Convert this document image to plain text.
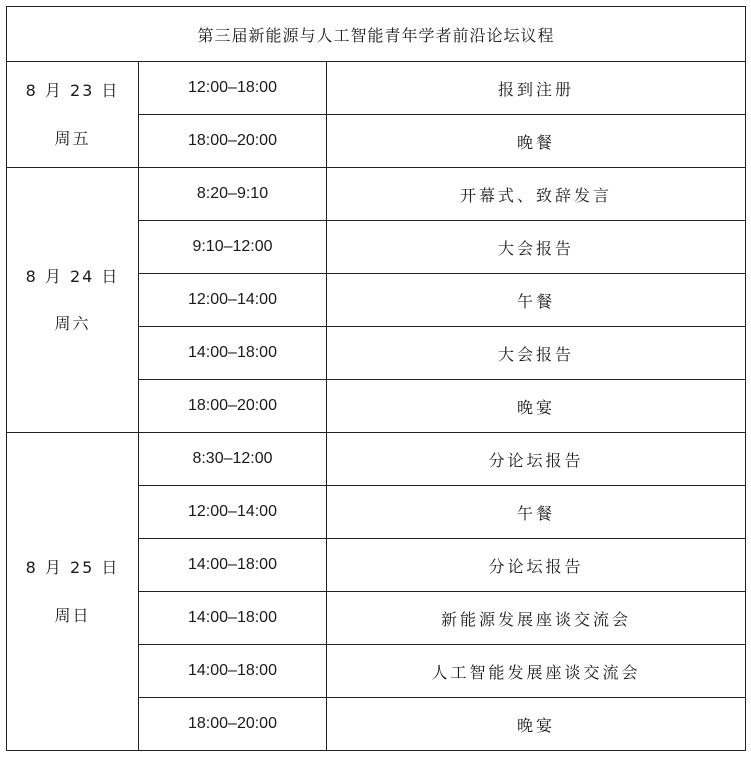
第三届新能源与人工智能青年学者前沿论坛议程		

8 月 23 日
周五	12:00–18:00	报到注册
	18:00–20:00	晚餐

8 月 24 日
周六	8:20–9:10	开幕式、致辞发言
	9:10–12:00	大会报告
	12:00–14:00	午餐
	14:00–18:00	大会报告
	18:00–20:00	晚宴

8 月 25 日
周日	8:30–12:00	分论坛报告
	12:00–14:00	午餐
	14:00–18:00	分论坛报告
	14:00–18:00	新能源发展座谈交流会
	14:00–18:00	人工智能发展座谈交流会
	18:00–20:00	晚宴
